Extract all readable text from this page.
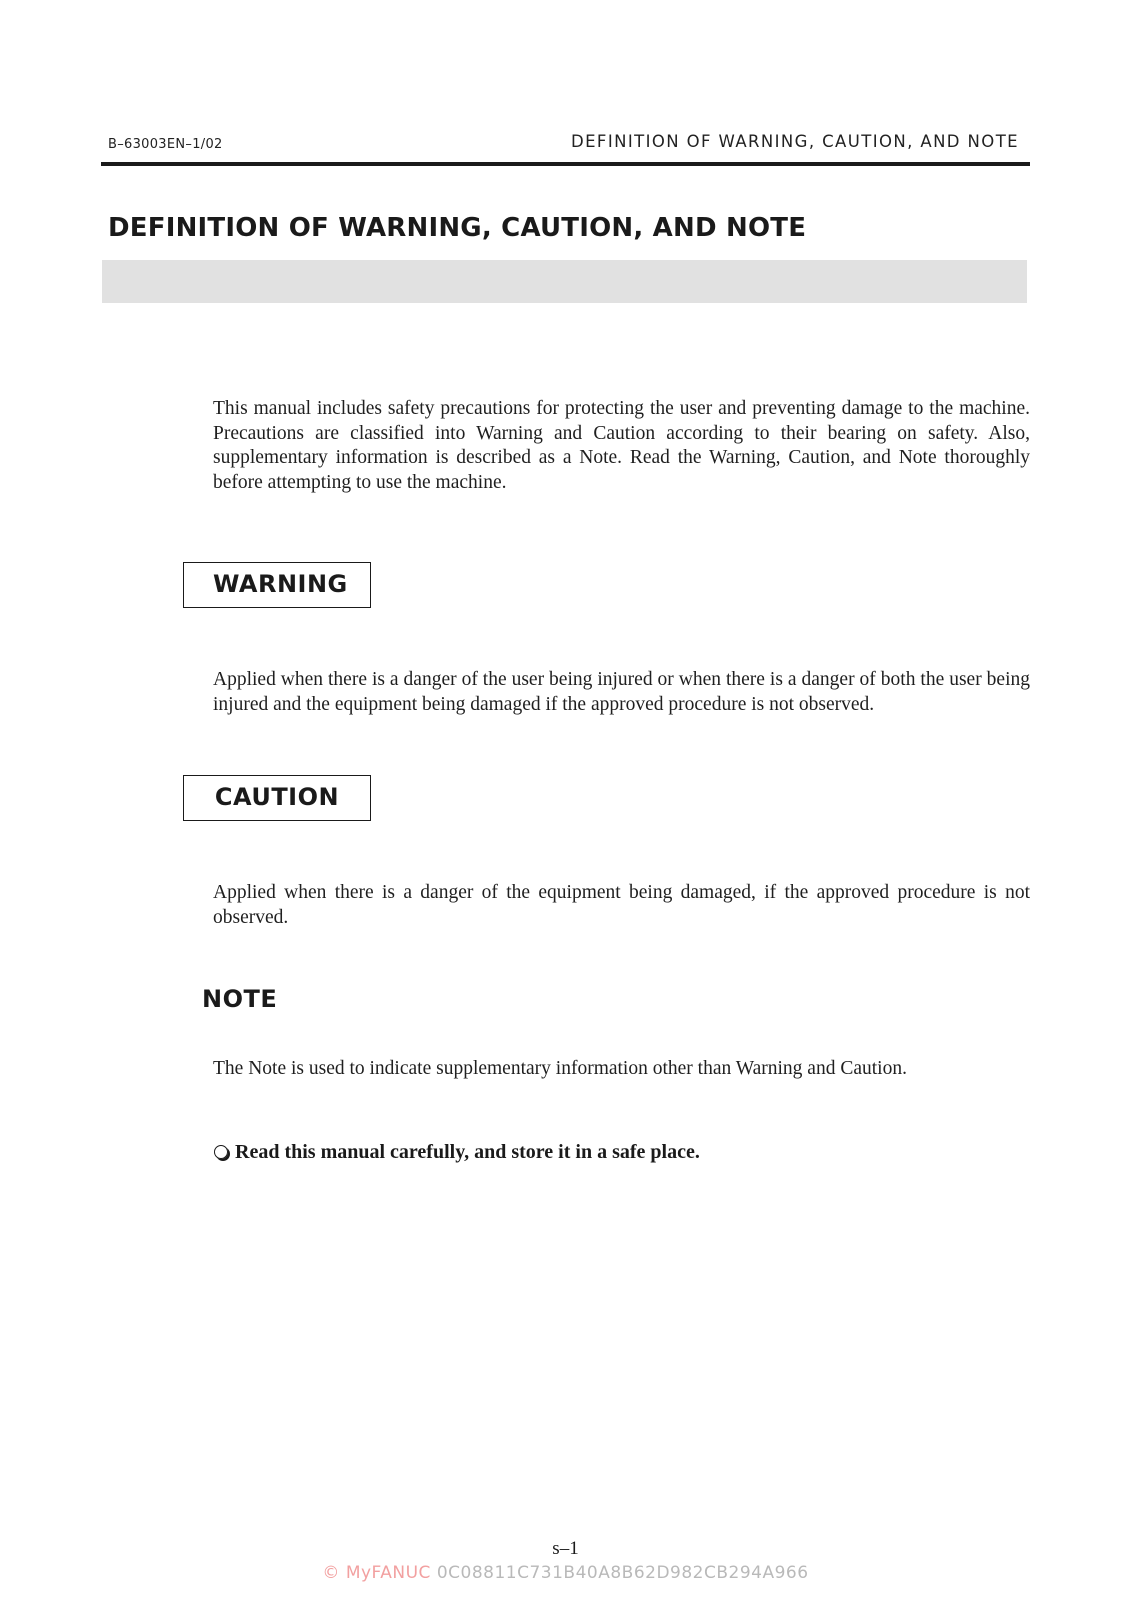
B–63003EN–1/02	DEFINITION OF WARNING, CAUTION, AND NOTE
DEFINITION OF WARNING, CAUTION, AND NOTE
This manual includes safety precautions for protecting the user and preventing damage to the machine. Precautions are classified into Warning and Caution according to their bearing on safety. Also, supplementary information is described as a Note. Read the Warning, Caution, and Note thoroughly before attempting to use the machine.
WARNING
Applied when there is a danger of the user being injured or when there is a danger of both the user being injured and the equipment being damaged if the approved procedure is not observed.
CAUTION
Applied when there is a danger of the equipment being damaged, if the approved procedure is not observed.
NOTE
The Note is used to indicate supplementary information other than Warning and Caution.
Read this manual carefully, and store it in a safe place.
s–1
© MyFANUC 0C08811C731B40A8B62D982CB294A966
